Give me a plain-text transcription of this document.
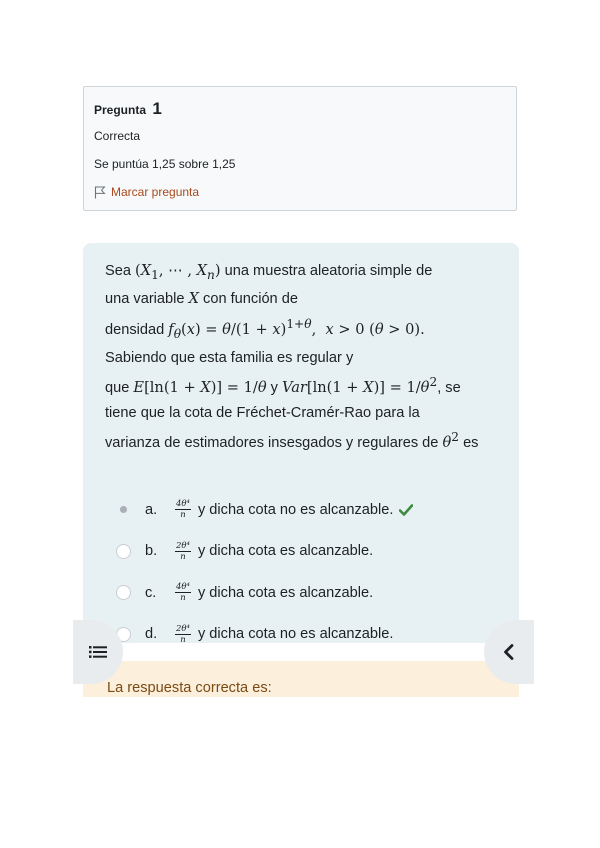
Pregunta 1
Correcta
Se puntúa 1,25 sobre 1,25
Marcar pregunta
Sea ($X_1$, ⋯ , $X_n$) una muestra aleatoria simple de
una variable X con función de
densidad $f_\theta(x) = \theta/(1 + x)^{1+\theta}$,  x > 0 (θ > 0).
Sabiendo que esta familia es regular y
que E[ln(1 + X)] = 1/θ y $Var[\ln(1 + X)] = 1/\theta^2$, se
tiene que la cota de Fréchet-Cramér-Rao para la
varianza de estimadores insesgados y regulares de $\theta^2$ es
a.	$\frac{\text{4θ⁴}}{n}$ y dicha cota no es alcanzable.
b.	$\frac{\text{2θ⁴}}{n}$ y dicha cota es alcanzable.
c.	$\frac{\text{4θ⁴}}{n}$ y dicha cota es alcanzable.
d.	$\frac{\text{2θ⁴}}{n}$ y dicha cota no es alcanzable.
La respuesta correcta es:
